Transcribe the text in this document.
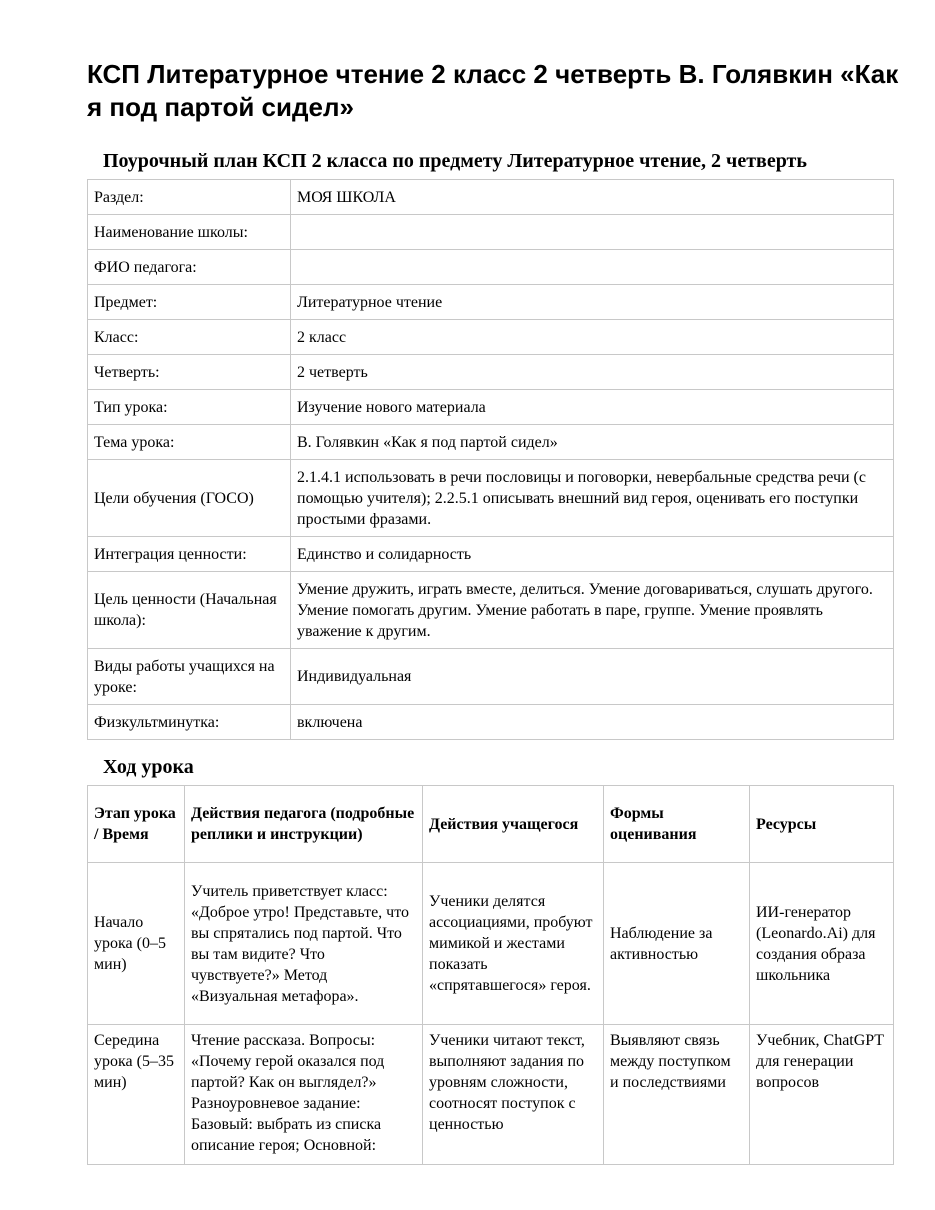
КСП Литературное чтение 2 класс 2 четверть В. Голявкин «Как я под партой сидел»
Поурочный план КСП 2 класса по предмету Литературное чтение, 2 четверть
Раздел:	МОЯ ШКОЛА
Наименование школы:	
ФИО педагога:	
Предмет:	Литературное чтение
Класс:	2 класс
Четверть:	2 четверть
Тип урока:	Изучение нового материала
Тема урока:	В. Голявкин «Как я под партой сидел»
Цели обучения (ГОСО)	2.1.4.1 использовать в речи пословицы и поговорки, невербальные средства речи (с помощью учителя); 2.2.5.1 описывать внешний вид героя, оценивать его поступки простыми фразами.
Интеграция ценности:	Единство и солидарность
Цель ценности (Начальная школа):	Умение дружить, играть вместе, делиться. Умение договариваться, слушать другого. Умение помогать другим. Умение работать в паре, группе. Умение проявлять уважение к другим.
Виды работы учащихся на уроке:	Индивидуальная
Физкультминутка:	включена
Ход урока
Этап урока / Время	Действия педагога (подробные реплики и инструкции)	Действия учащегося	Формы оценивания	Ресурсы
Начало урока (0–5 мин)	Учитель приветствует класс: «Доброе утро! Представьте, что вы спрятались под партой. Что вы там видите? Что чувствуете?» Метод «Визуальная метафора».	Ученики делятся ассоциациями, пробуют мимикой и жестами показать «спрятавшегося» героя.	Наблюдение за активностью	ИИ-генератор (Leonardo.Ai) для создания образа школьника
Середина урока (5–35 мин)	Чтение рассказа. Вопросы: «Почему герой оказался под партой? Как он выглядел?» Разноуровневое задание: Базовый: выбрать из списка описание героя; Основной:	Ученики читают текст, выполняют задания по уровням сложности, соотносят поступок с ценностью	Выявляют связь между поступком и последствиями	Учебник, ChatGPT для генерации вопросов
